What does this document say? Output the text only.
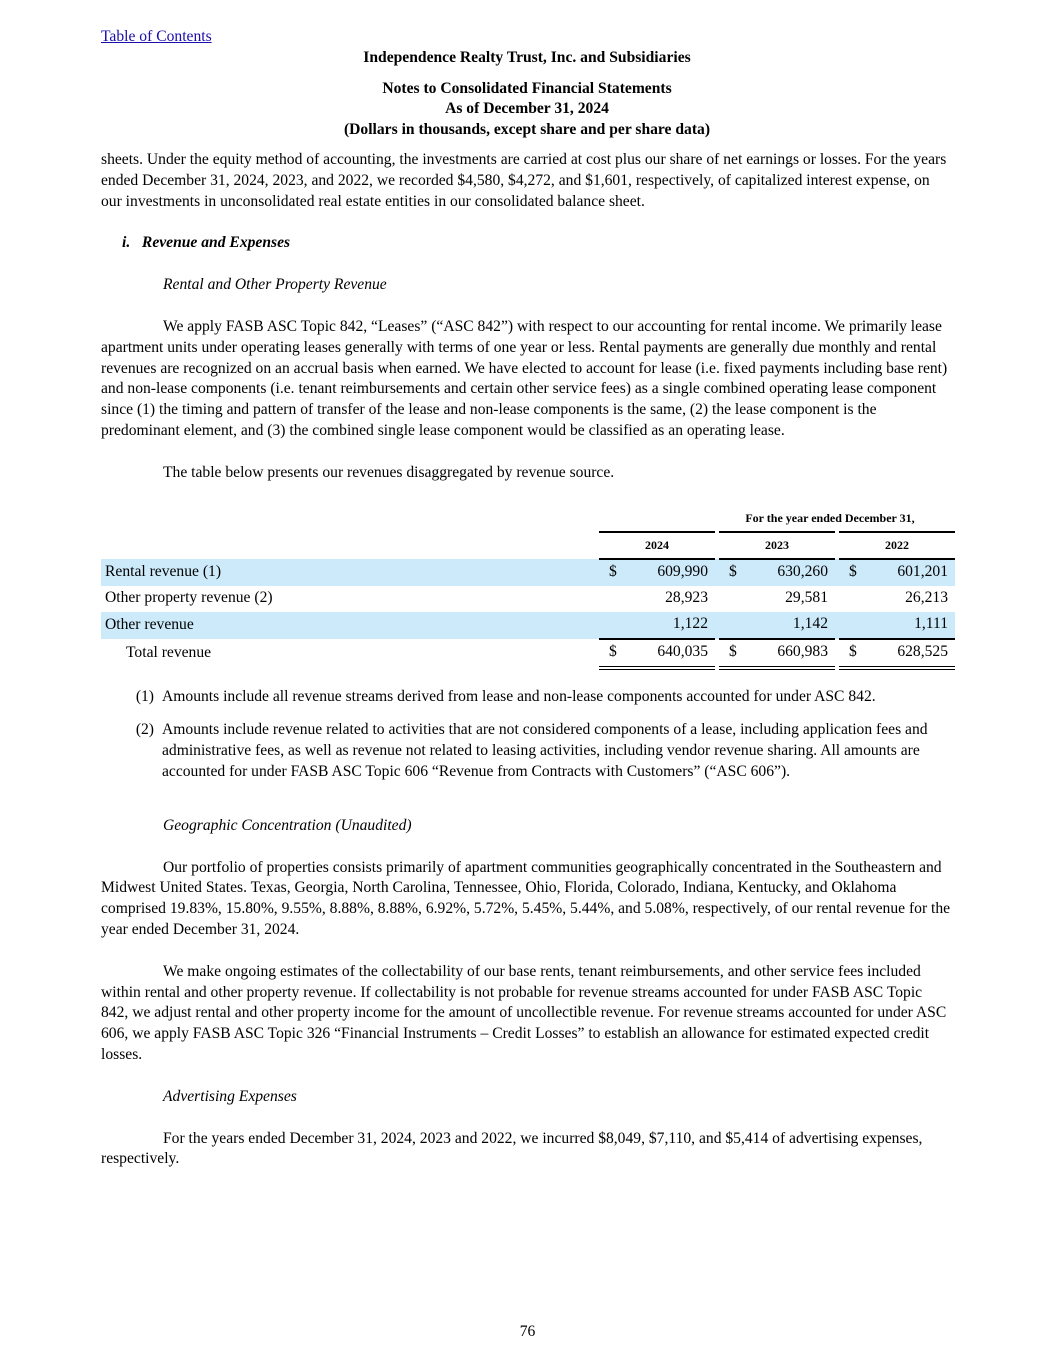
Table of Contents
Independence Realty Trust, Inc. and Subsidiaries
Notes to Consolidated Financial Statements
As of December 31, 2024
(Dollars in thousands, except share and per share data)

sheets. Under the equity method of accounting, the investments are carried at cost plus our share of net earnings or losses. For the years ended December 31, 2024, 2023, and 2022, we recorded $4,580, $4,272, and $1,601, respectively, of capitalized interest expense, on our investments in unconsolidated real estate entities in our consolidated balance sheet.

i.   Revenue and Expenses

Rental and Other Property Revenue

We apply FASB ASC Topic 842, “Leases” (“ASC 842”) with respect to our accounting for rental income. We primarily lease apartment units under operating leases generally with terms of one year or less. Rental payments are generally due monthly and rental revenues are recognized on an accrual basis when earned. We have elected to account for lease (i.e. fixed payments including base rent) and non-lease components (i.e. tenant reimbursements and certain other service fees) as a single combined operating lease component since (1) the timing and pattern of transfer of the lease and non-lease components is the same, (2) the lease component is the predominant element, and (3) the combined single lease component would be classified as an operating lease.

The table below presents our revenues disaggregated by revenue source.

	For the year ended December 31,							
	2024			2023			2022	
Rental revenue (1)	$	609,990		$	630,260		$	601,201
Other property revenue (2)		28,923			29,581			26,213
Other revenue		1,122			1,142			1,111
Total revenue	$	640,035		$	660,983		$	628,525
(1) Amounts include all revenue streams derived from lease and non-lease components accounted for under ASC 842.
(2) Amounts include revenue related to activities that are not considered components of a lease, including application fees and administrative fees, as well as revenue not related to leasing activities, including vendor revenue sharing. All amounts are accounted for under FASB ASC Topic 606 “Revenue from Contracts with Customers” (“ASC 606”).

Geographic Concentration (Unaudited)

Our portfolio of properties consists primarily of apartment communities geographically concentrated in the Southeastern and Midwest United States. Texas, Georgia, North Carolina, Tennessee, Ohio, Florida, Colorado, Indiana, Kentucky, and Oklahoma comprised 19.83%, 15.80%, 9.55%, 8.88%, 8.88%, 6.92%, 5.72%, 5.45%, 5.44%, and 5.08%, respectively, of our rental revenue for the year ended December 31, 2024.

We make ongoing estimates of the collectability of our base rents, tenant reimbursements, and other service fees included within rental and other property revenue. If collectability is not probable for revenue streams accounted for under FASB ASC Topic 842, we adjust rental and other property income for the amount of uncollectible revenue. For revenue streams accounted for under ASC 606, we apply FASB ASC Topic 326 “Financial Instruments – Credit Losses” to establish an allowance for estimated expected credit losses.

Advertising Expenses

For the years ended December 31, 2024, 2023 and 2022, we incurred $8,049, $7,110, and $5,414 of advertising expenses, respectively.

76
